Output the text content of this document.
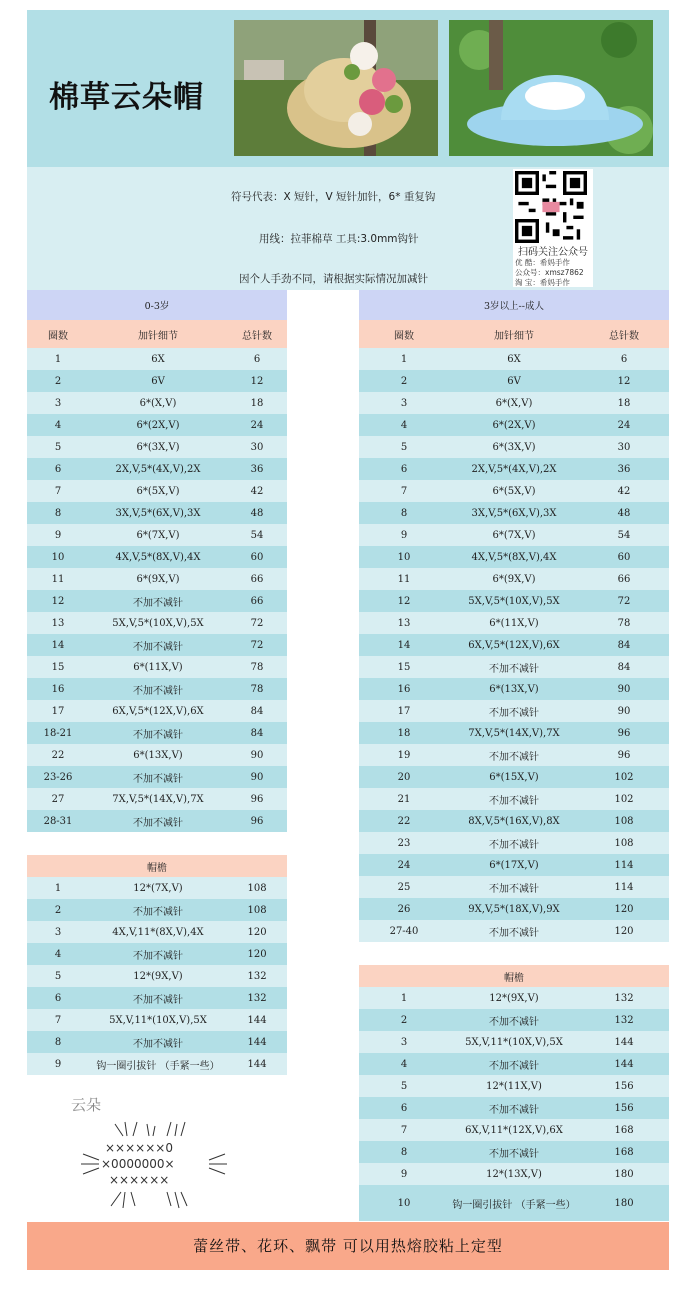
棉草云朵帽
符号代表：X 短针，V 短针加针，6* 重复钩
用线：拉菲棉草 工具:3.0mm钩针
因个人手劲不同，请根据实际情况加减针
扫码关注公众号
优 酷：希妈手作
公众号：xmsz7862
淘 宝：希妈手作
0-3岁		
圈数	加针细节	总针数
1	6X	6
2	6V	12
3	6*(X,V)	18
4	6*(2X,V)	24
5	6*(3X,V)	30
6	2X,V,5*(4X,V),2X	36
7	6*(5X,V)	42
8	3X,V,5*(6X,V),3X	48
9	6*(7X,V)	54
10	4X,V,5*(8X,V),4X	60
11	6*(9X,V)	66
12	不加不减针	66
13	5X,V,5*(10X,V),5X	72
14	不加不减针	72
15	6*(11X,V)	78
16	不加不减针	78
17	6X,V,5*(12X,V),6X	84
18-21	不加不减针	84
22	6*(13X,V)	90
23-26	不加不减针	90
27	7X,V,5*(14X,V),7X	96
28-31	不加不减针	96
帽檐		
1	12*(7X,V)	108
2	不加不减针	108
3	4X,V,11*(8X,V),4X	120
4	不加不减针	120
5	12*(9X,V)	132
6	不加不减针	132
7	5X,V,11*(10X,V),5X	144
8	不加不减针	144
9	钩一圈引拔针 （手紧一些）	144
3岁以上--成人		
圈数	加针细节	总针数
1	6X	6
2	6V	12
3	6*(X,V)	18
4	6*(2X,V)	24
5	6*(3X,V)	30
6	2X,V,5*(4X,V),2X	36
7	6*(5X,V)	42
8	3X,V,5*(6X,V),3X	48
9	6*(7X,V)	54
10	4X,V,5*(8X,V),4X	60
11	6*(9X,V)	66
12	5X,V,5*(10X,V),5X	72
13	6*(11X,V)	78
14	6X,V,5*(12X,V),6X	84
15	不加不减针	84
16	6*(13X,V)	90
17	不加不减针	90
18	7X,V,5*(14X,V),7X	96
19	不加不减针	96
20	6*(15X,V)	102
21	不加不减针	102
22	8X,V,5*(16X,V),8X	108
23	不加不减针	108
24	6*(17X,V)	114
25	不加不减针	114
26	9X,V,5*(18X,V),9X	120
27-40	不加不减针	120
帽檐		
1	12*(9X,V)	132
2	不加不减针	132
3	5X,V,11*(10X,V),5X	144
4	不加不减针	144
5	12*(11X,V)	156
6	不加不减针	156
7	6X,V,11*(12X,V),6X	168
8	不加不减针	168
9	12*(13X,V)	180
10	钩一圈引拔针 （手紧一些）	180
云朵
××××××0
×0000000×
××××××
蕾丝带、花环、飘带 可以用热熔胶粘上定型
